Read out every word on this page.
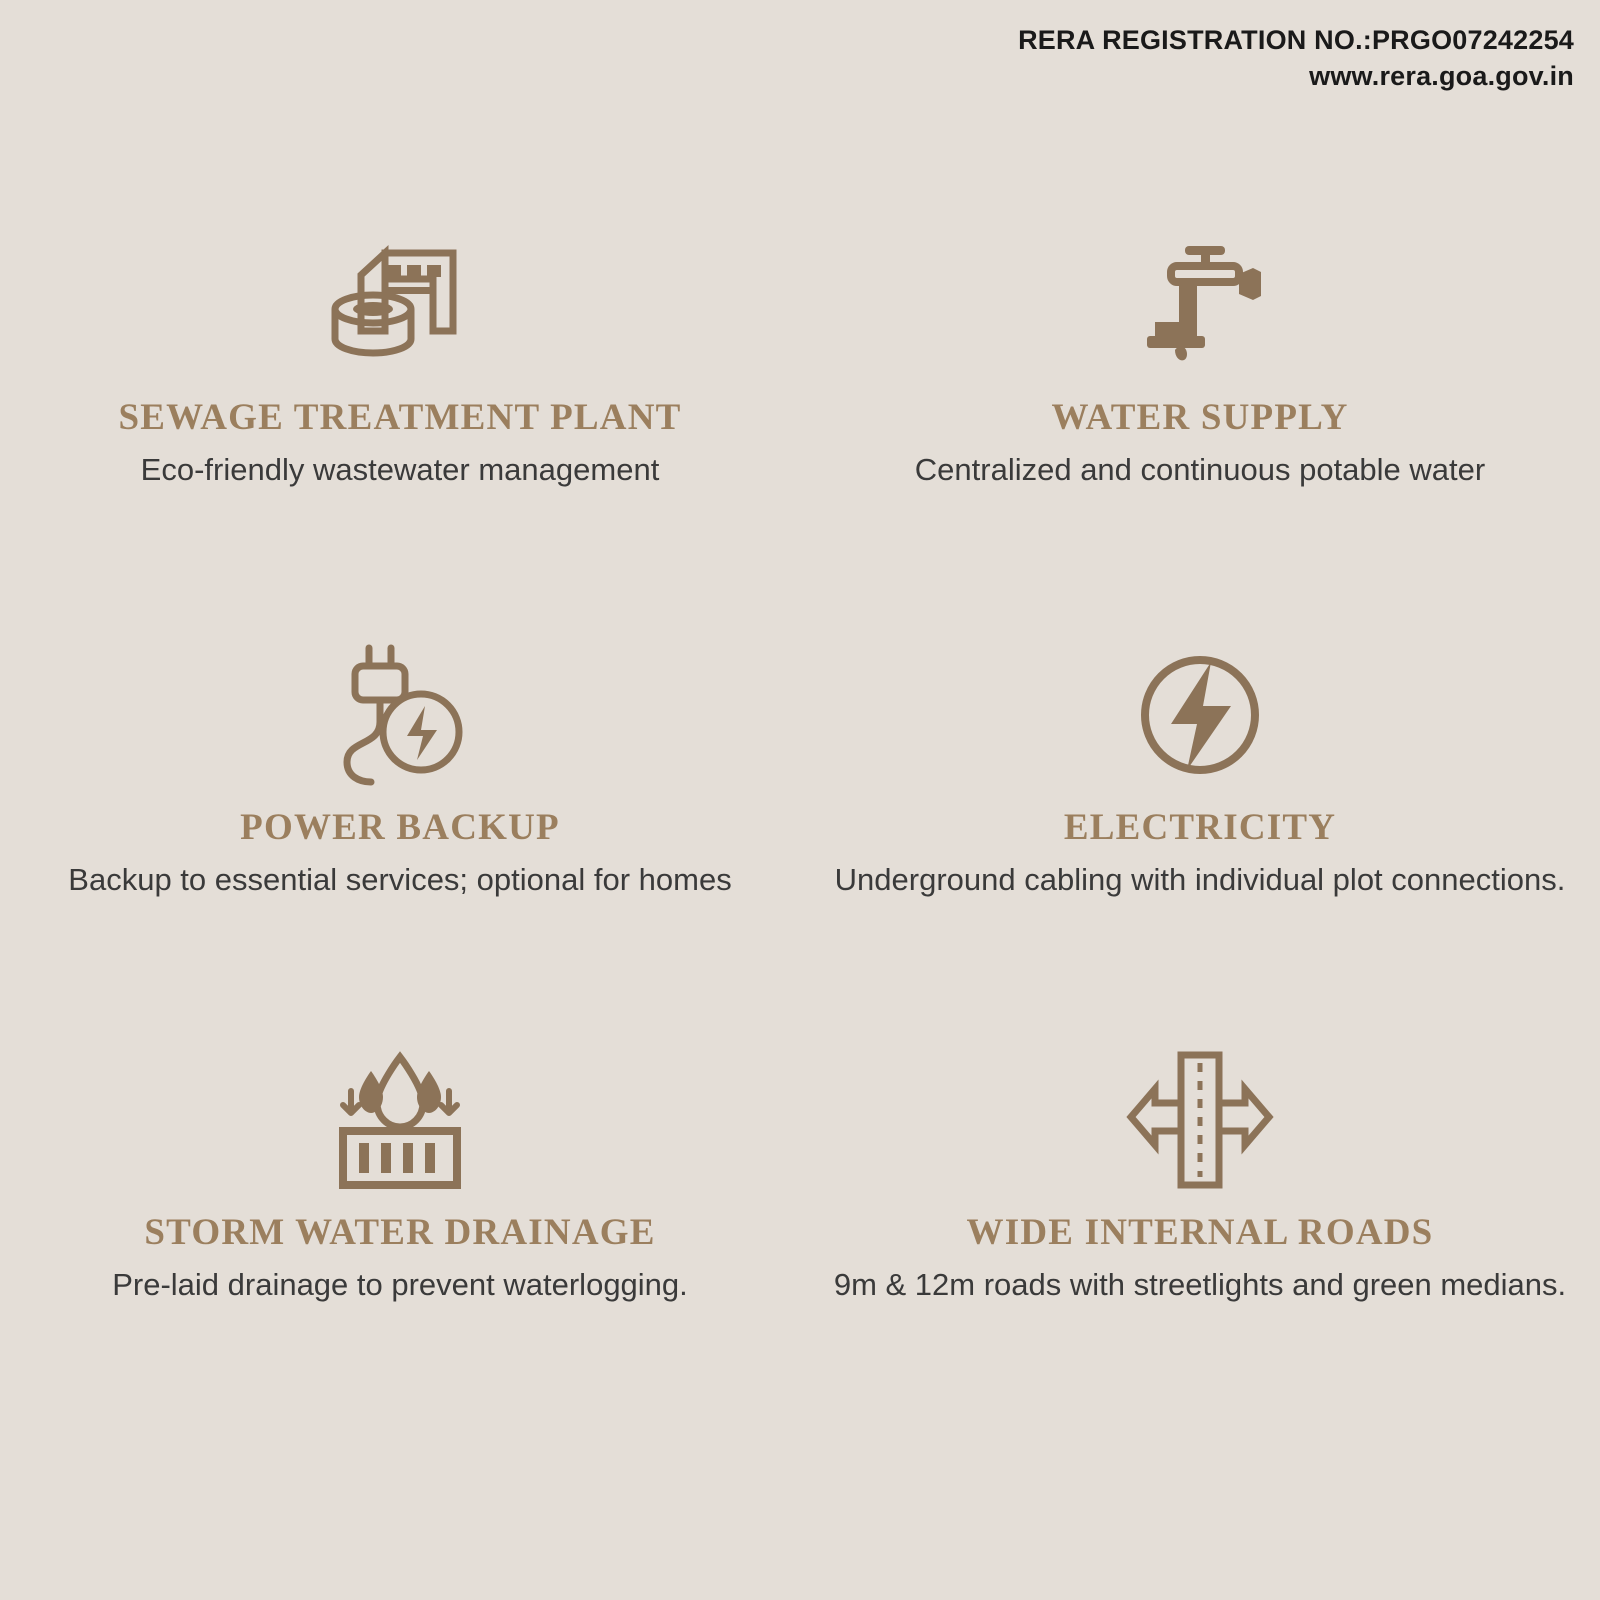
RERA REGISTRATION NO.:PRGO07242254
www.rera.goa.gov.in
SEWAGE TREATMENT PLANT

Eco-friendly wastewater management

WATER SUPPLY

Centralized and continuous potable water

POWER BACKUP

Backup to essential services; optional for homes

ELECTRICITY

Underground cabling with individual plot connections.

STORM WATER DRAINAGE

Pre-laid drainage to prevent waterlogging.

WIDE INTERNAL ROADS

9m & 12m roads with streetlights and green medians.
